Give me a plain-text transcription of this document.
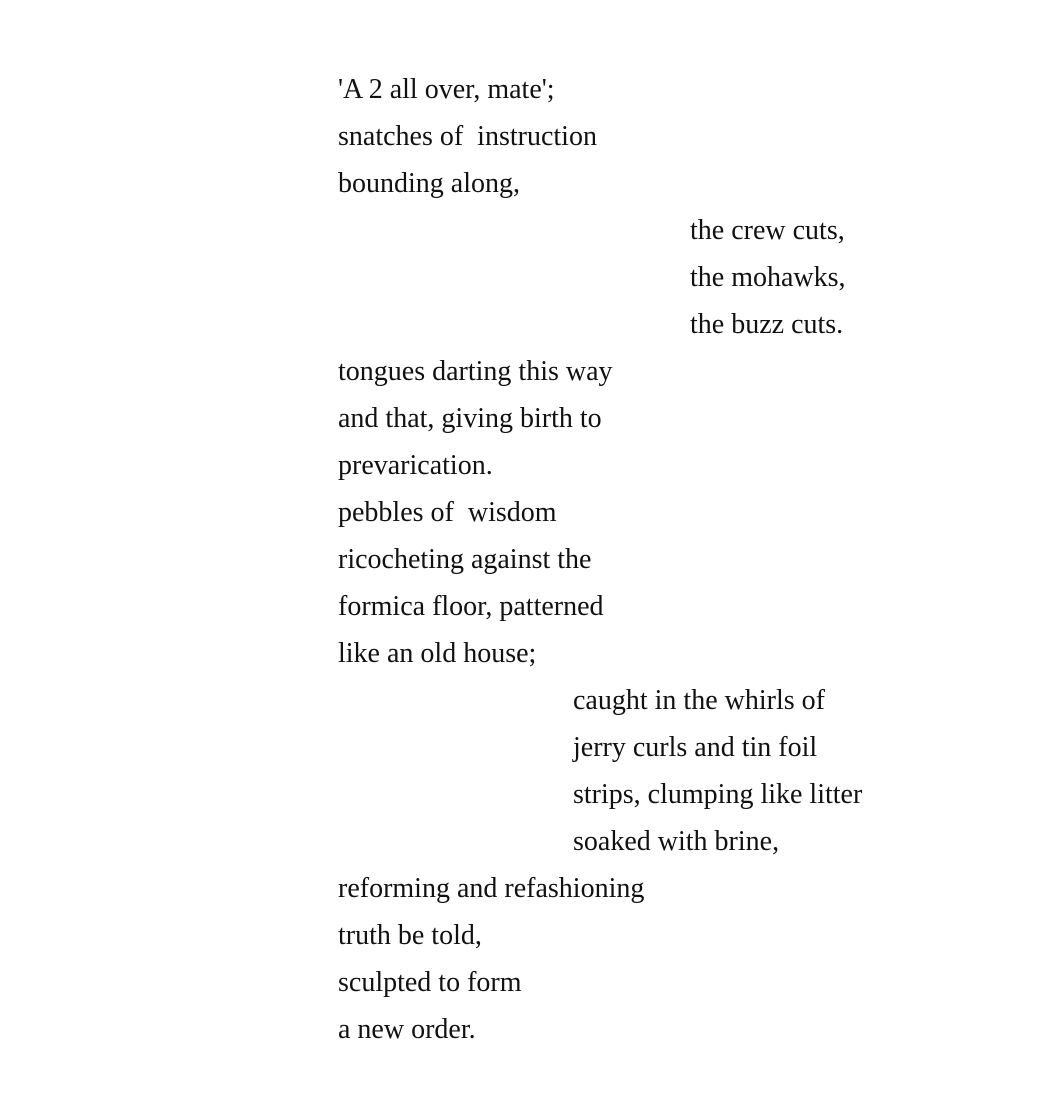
'A 2 all over, mate';

snatches of  instruction

bounding along,

the crew cuts,

the mohawks,

the buzz cuts.

tongues darting this way

and that, giving birth to

prevarication.

pebbles of  wisdom

ricocheting against the

formica floor, patterned

like an old house;

caught in the whirls of

jerry curls and tin foil

strips, clumping like litter

soaked with brine,

reforming and refashioning

truth be told,

sculpted to form

a new order.
